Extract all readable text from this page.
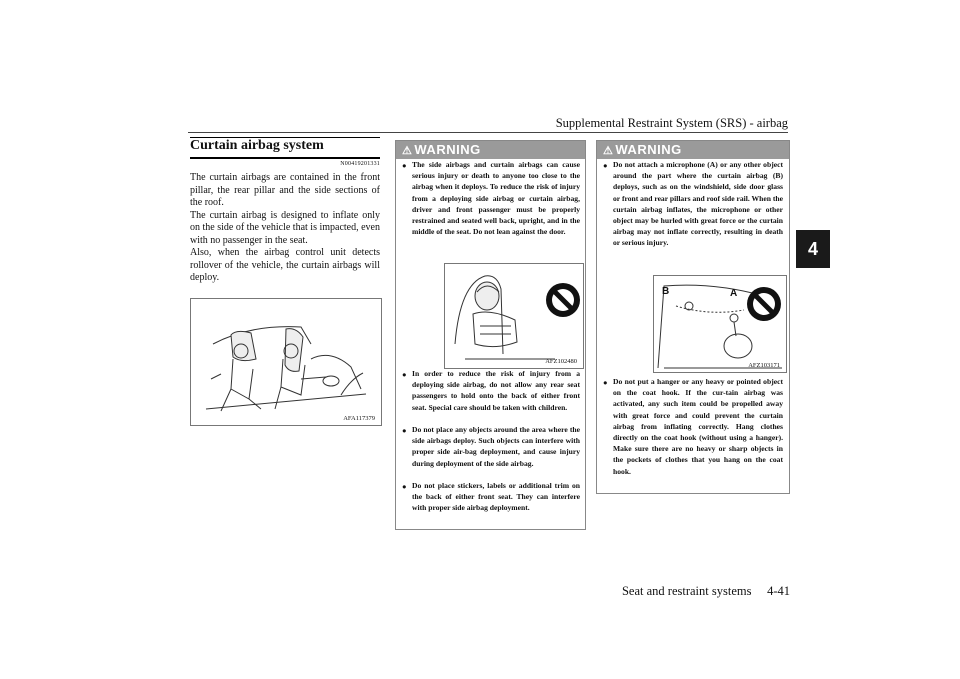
Supplemental Restraint System (SRS) - airbag
4
Curtain airbag system
N00419201331

The curtain airbags are contained in the front pillar, the rear pillar and the side sections of the roof.

The curtain airbag is designed to inflate only on the side of the vehicle that is impacted, even with no passenger in the seat.

Also, when the airbag control unit detects rollover of the vehicle, the curtain airbags will deploy.

AFA117379
⚠ WARNING
● The side airbags and curtain airbags can cause serious injury or death to anyone too close to the airbag when it deploys. To reduce the risk of injury from a deploying side airbag or curtain airbag, driver and front passenger must be properly restrained and seated well back, upright, and in the middle of the seat. Do not lean against the door.
AFZ102480
● In order to reduce the risk of injury from a deploying side airbag, do not allow any rear seat passengers to hold onto the back of either front seat. Special care should be taken with children.
● Do not place any objects around the area where the side airbags deploy. Such objects can interfere with proper side air-bag deployment, and cause injury during deployment of the side airbag.
● Do not place stickers, labels or additional trim on the back of either front seat. They can interfere with proper side airbag deployment.
⚠ WARNING
● Do not attach a microphone (A) or any other object around the part where the curtain airbag (B) deploys, such as on the windshield, side door glass or front and rear pillars and roof side rail. When the curtain airbag inflates, the microphone or other object may be hurled with great force or the curtain airbag may not inflate correctly, resulting in death or serious injury.
B	A
AFZ103171
● Do not put a hanger or any heavy or pointed object on the coat hook. If the cur-tain airbag was activated, any such item could be propelled away with great force and could prevent the curtain airbag from inflating correctly. Hang clothes directly on the coat hook (without using a hanger). Make sure there are no heavy or sharp objects in the pockets of clothes that you hang on the coat hook.
Seat and restraint systems     4-41
